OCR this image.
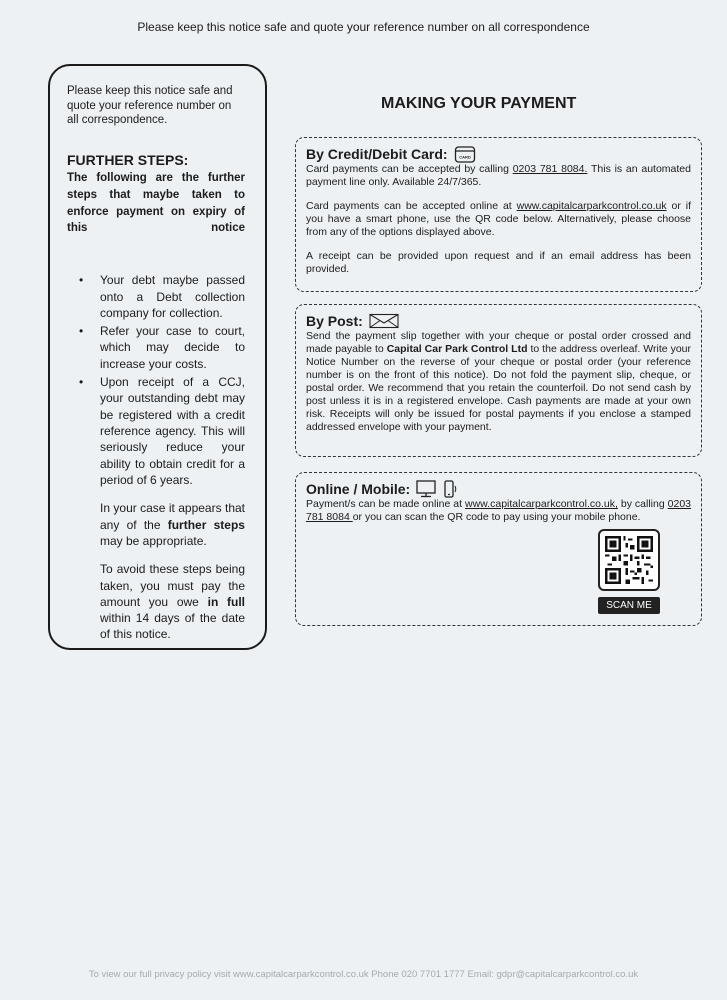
Please keep this notice safe and quote your reference number on all correspondence

Please keep this notice safe and quote your reference number on all correspondence.

FURTHER STEPS:

The following are the further steps that maybe taken to enforce payment on expiry of this notice

• Your debt maybe passed onto a Debt collection company for collection.
• Refer your case to court, which may decide to increase your costs.
• Upon receipt of a CCJ, your outstanding debt may be registered with a credit reference agency. This will seriously reduce your ability to obtain credit for a period of 6 years.
In your case it appears that any of the further steps may be appropriate.
To avoid these steps being taken, you must pay the amount you owe in full within 14 days of the date of this notice.
MAKING YOUR PAYMENT
By Credit/Debit Card:	CARD

Card payments can be accepted by calling 0203 781 8084. This is an automated payment line only. Available 24/7/365.

Card payments can be accepted online at www.capitalcarparkcontrol.co.uk or if you have a smart phone, use the QR code below. Alternatively, please choose from any of the options displayed above.

A receipt can be provided upon request and if an email address has been provided.

By Post:

Send the payment slip together with your cheque or postal order crossed and made payable to Capital Car Park Control Ltd to the address overleaf. Write your Notice Number on the reverse of your cheque or postal order (your reference number is on the front of this notice). Do not fold the payment slip, cheque, or postal order. We recommend that you retain the counterfoil. Do not send cash by post unless it is in a registered envelope. Cash payments are made at your own risk. Receipts will only be issued for postal payments if you enclose a stamped addressed envelope with your payment.

Online / Mobile:

Payment/s can be made online at www.capitalcarparkcontrol.co.uk, by calling 0203 781 8084 or you can scan the QR code to pay using your mobile phone.

SCAN ME
To view our full privacy policy visit www.capitalcarparkcontrol.co.uk Phone 020 7701 1777 Email: gdpr@capitalcarparkcontrol.co.uk
